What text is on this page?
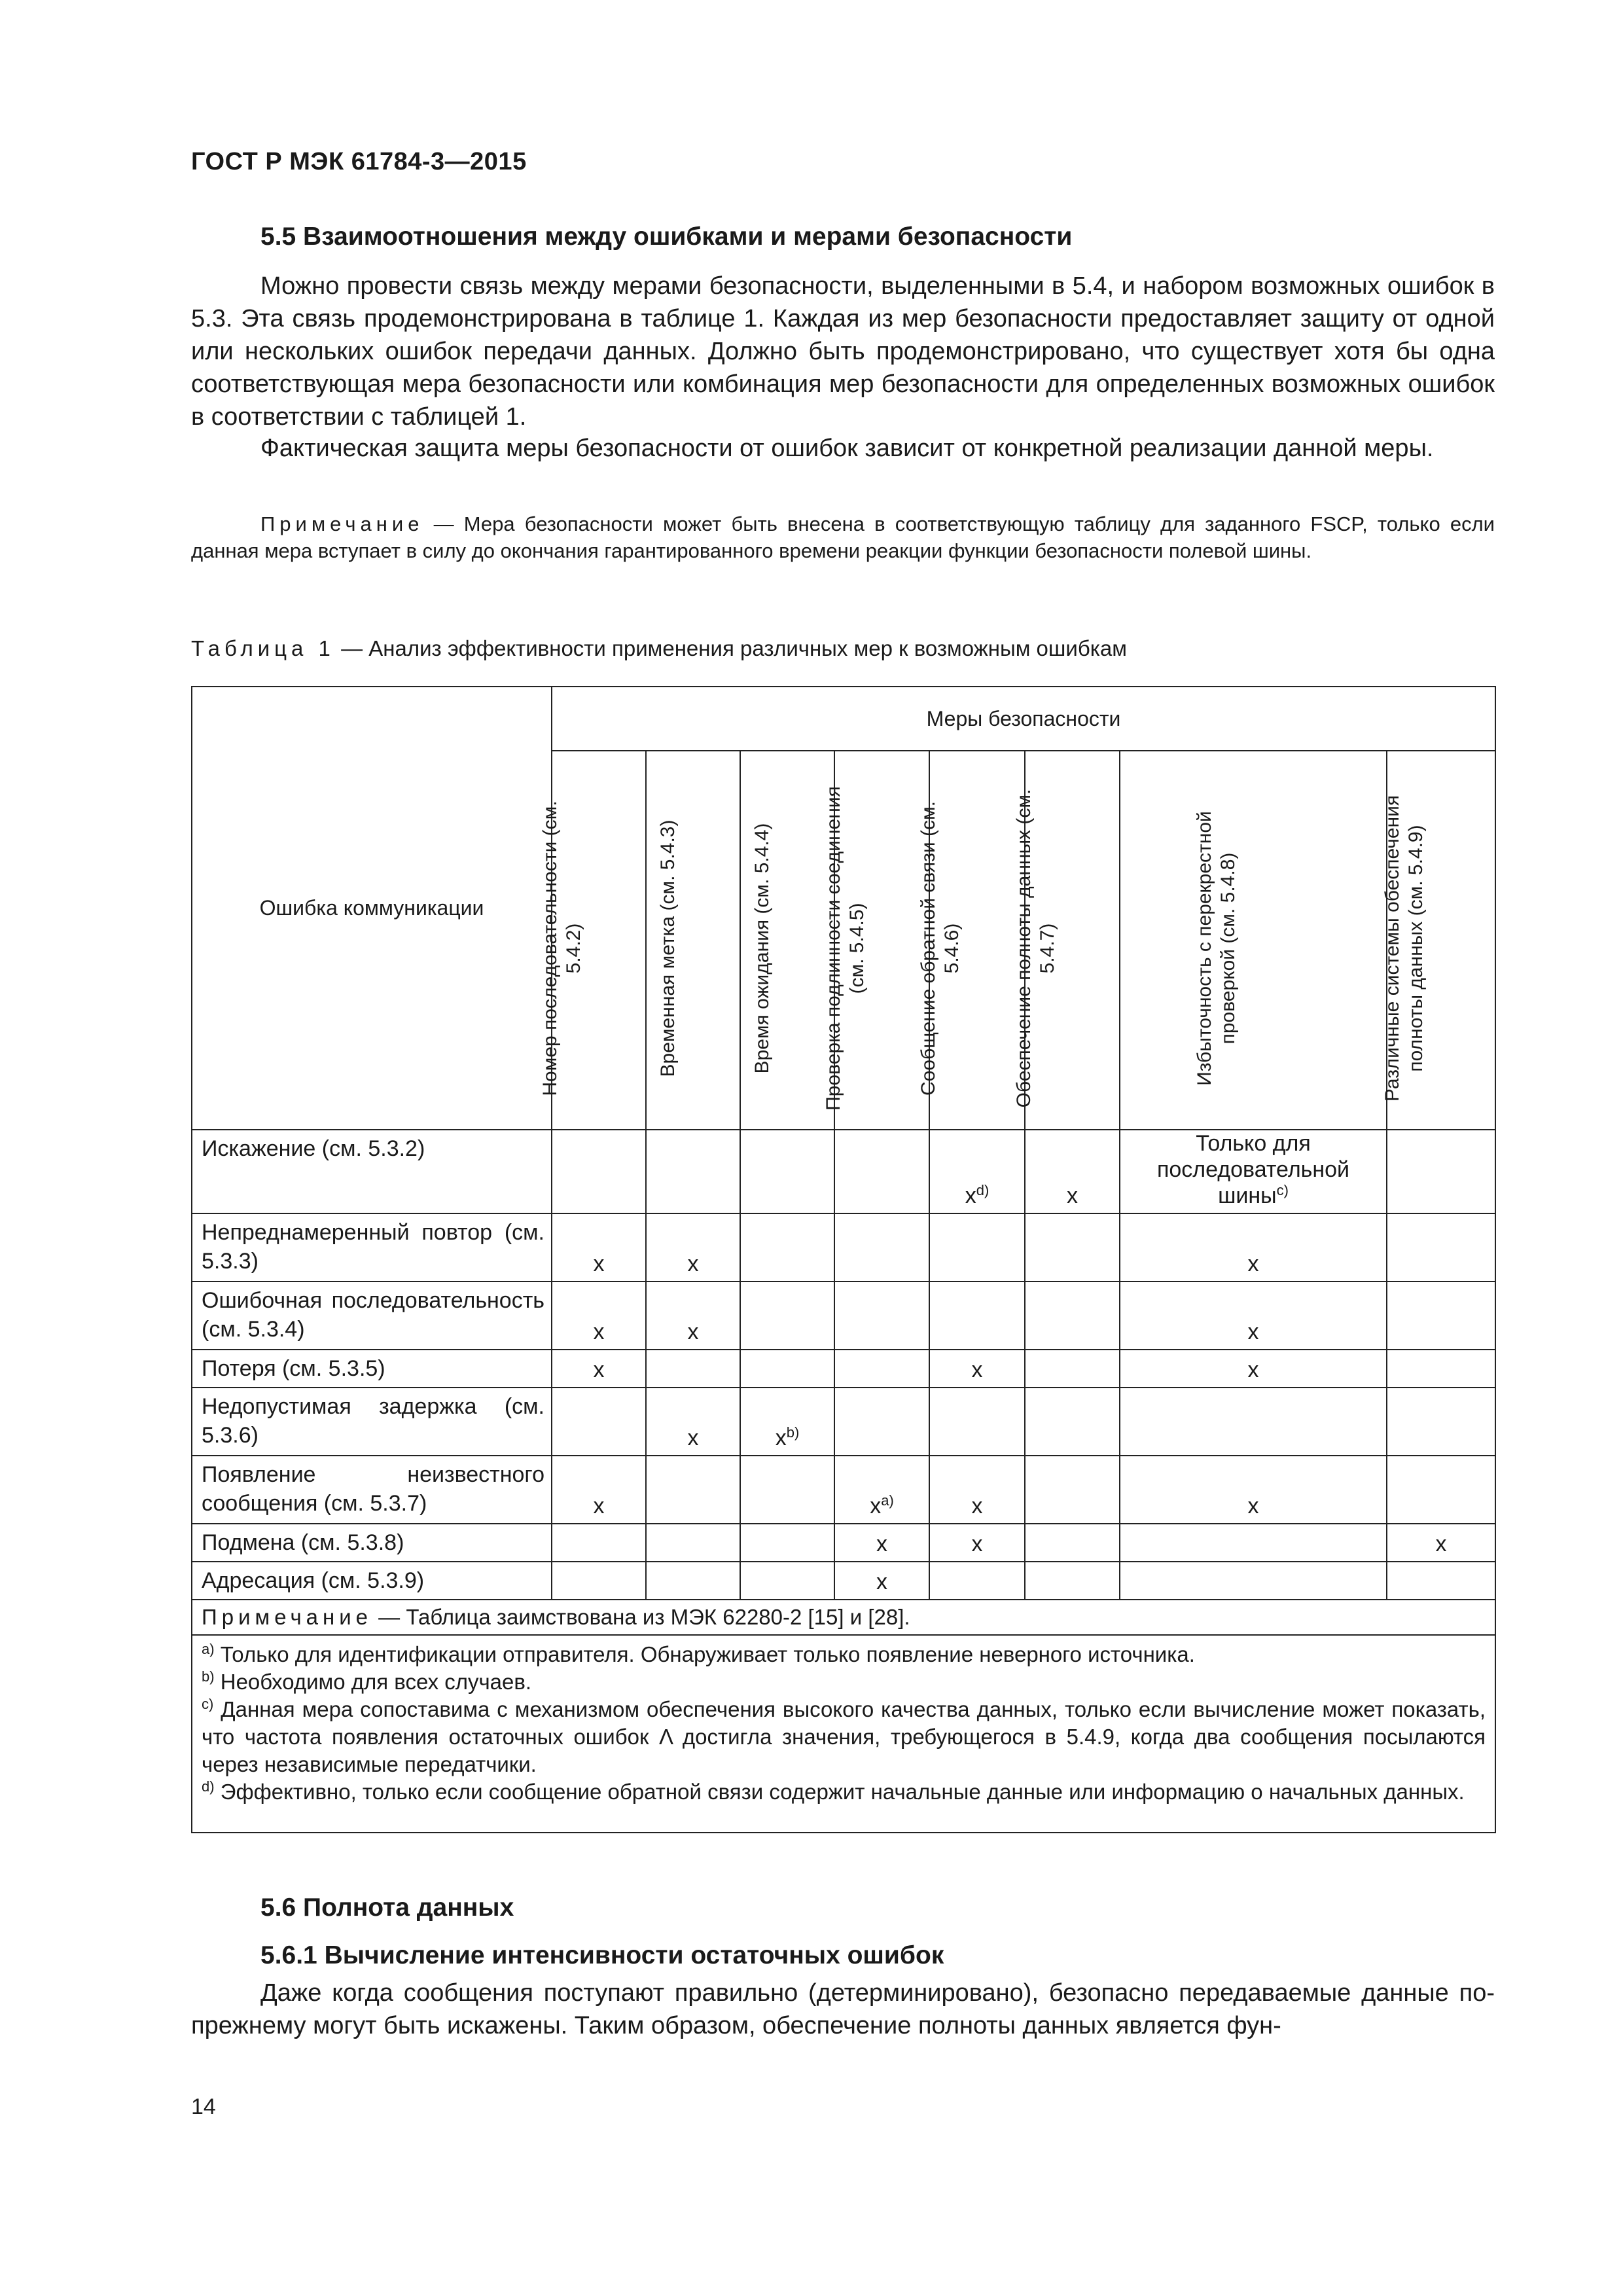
ГОСТ Р МЭК 61784-3—2015
5.5 Взаимоотношения между ошибками и мерами безопасности
Можно провести связь между мерами безопасности, выделенными в 5.4, и набором возможных ошибок в 5.3. Эта связь продемонстрирована в таблице 1. Каждая из мер безопасности предоставляет защиту от одной или нескольких ошибок передачи данных. Должно быть продемонстрировано, что существует хотя бы одна соответствующая мера безопасности или комбинация мер безопасности для определенных возможных ошибок в соответствии с таблицей 1.
Фактическая защита меры безопасности от ошибок зависит от конкретной реализации данной меры.
Примечание — Мера безопасности может быть внесена в соответствующую таблицу для заданного FSCP, только если данная мера вступает в силу до окончания гарантированного времени реакции функции безопасности полевой шины.
Таблица 1 — Анализ эффективности применения различных мер к возможным ошибкам
Ошибка коммуникации	Меры безопасности							

	Номер последовательности (см. 5.4.2)	Временная метка (см. 5.4.3)	Время ожидания (см. 5.4.4)	Проверка подлинности соединения (см. 5.4.5)	Сообщение обратной связи (см. 5.4.6)	Обеспечение полноты данных (см. 5.4.7)	Избыточность с перекрестной проверкой (см. 5.4.8)	Различные системы обеспечения полноты данных (см. 5.4.9)

Искажение (см. 5.3.2)					$x^{d)}$	x	Только для последовательной шины$^{c)}$	
Непреднамеренный повтор (см. 5.3.3)	x	x					x	
Ошибочная последовательность (см. 5.3.4)	x	x					x	
Потеря (см. 5.3.5)	x				x		x	
Недопустимая задержка (см. 5.3.6)		x	$x^{b)}$					
Появление неизвестного сообщения (см. 5.3.7)	x			$x^{a)}$	x		x	
Подмена (см. 5.3.8)				x	x			x
Адресация (см. 5.3.9)				x				
Примечание — Таблица заимствована из МЭК 62280-2 [15] и [28].								

$^{a)}$ Только для идентификации отправителя. Обнаруживает только появление неверного источника.
$^{b)}$ Необходимо для всех случаев.
$^{c)}$ Данная мера сопоставима с механизмом обеспечения высокого качества данных, только если вычисление может показать, что частота появления остаточных ошибок Λ достигла значения, требующегося в 5.4.9, когда два сообщения посылаются через независимые передатчики.
$^{d)}$ Эффективно, только если сообщение обратной связи содержит начальные данные или информацию о начальных данных.								
5.6 Полнота данных
5.6.1 Вычисление интенсивности остаточных ошибок
Даже когда сообщения поступают правильно (детерминировано), безопасно передаваемые данные по-прежнему могут быть искажены. Таким образом, обеспечение полноты данных является фун-
14
